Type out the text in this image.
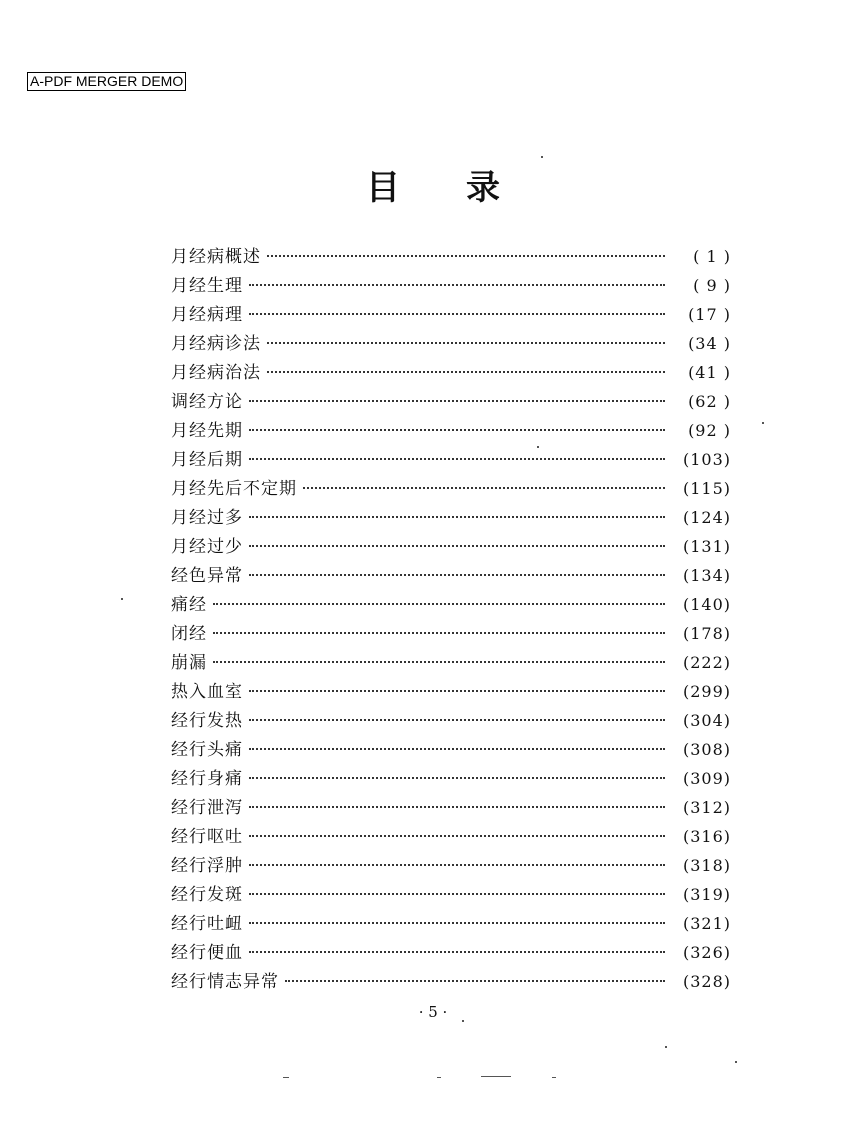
A-PDF MERGER DEMO
目录
月经病概述	( 1 )
月经生理	( 9 )
月经病理	(17 )
月经病诊法	(34 )
月经病治法	(41 )
调经方论	(62 )
月经先期	(92 )
月经后期	(103)
月经先后不定期	(115)
月经过多	(124)
月经过少	(131)
经色异常	(134)
痛经	(140)
闭经	(178)
崩漏	(222)
热入血室	(299)
经行发热	(304)
经行头痛	(308)
经行身痛	(309)
经行泄泻	(312)
经行呕吐	(316)
经行浮肿	(318)
经行发斑	(319)
经行吐衄	(321)
经行便血	(326)
经行情志异常	(328)
· 5 ·
